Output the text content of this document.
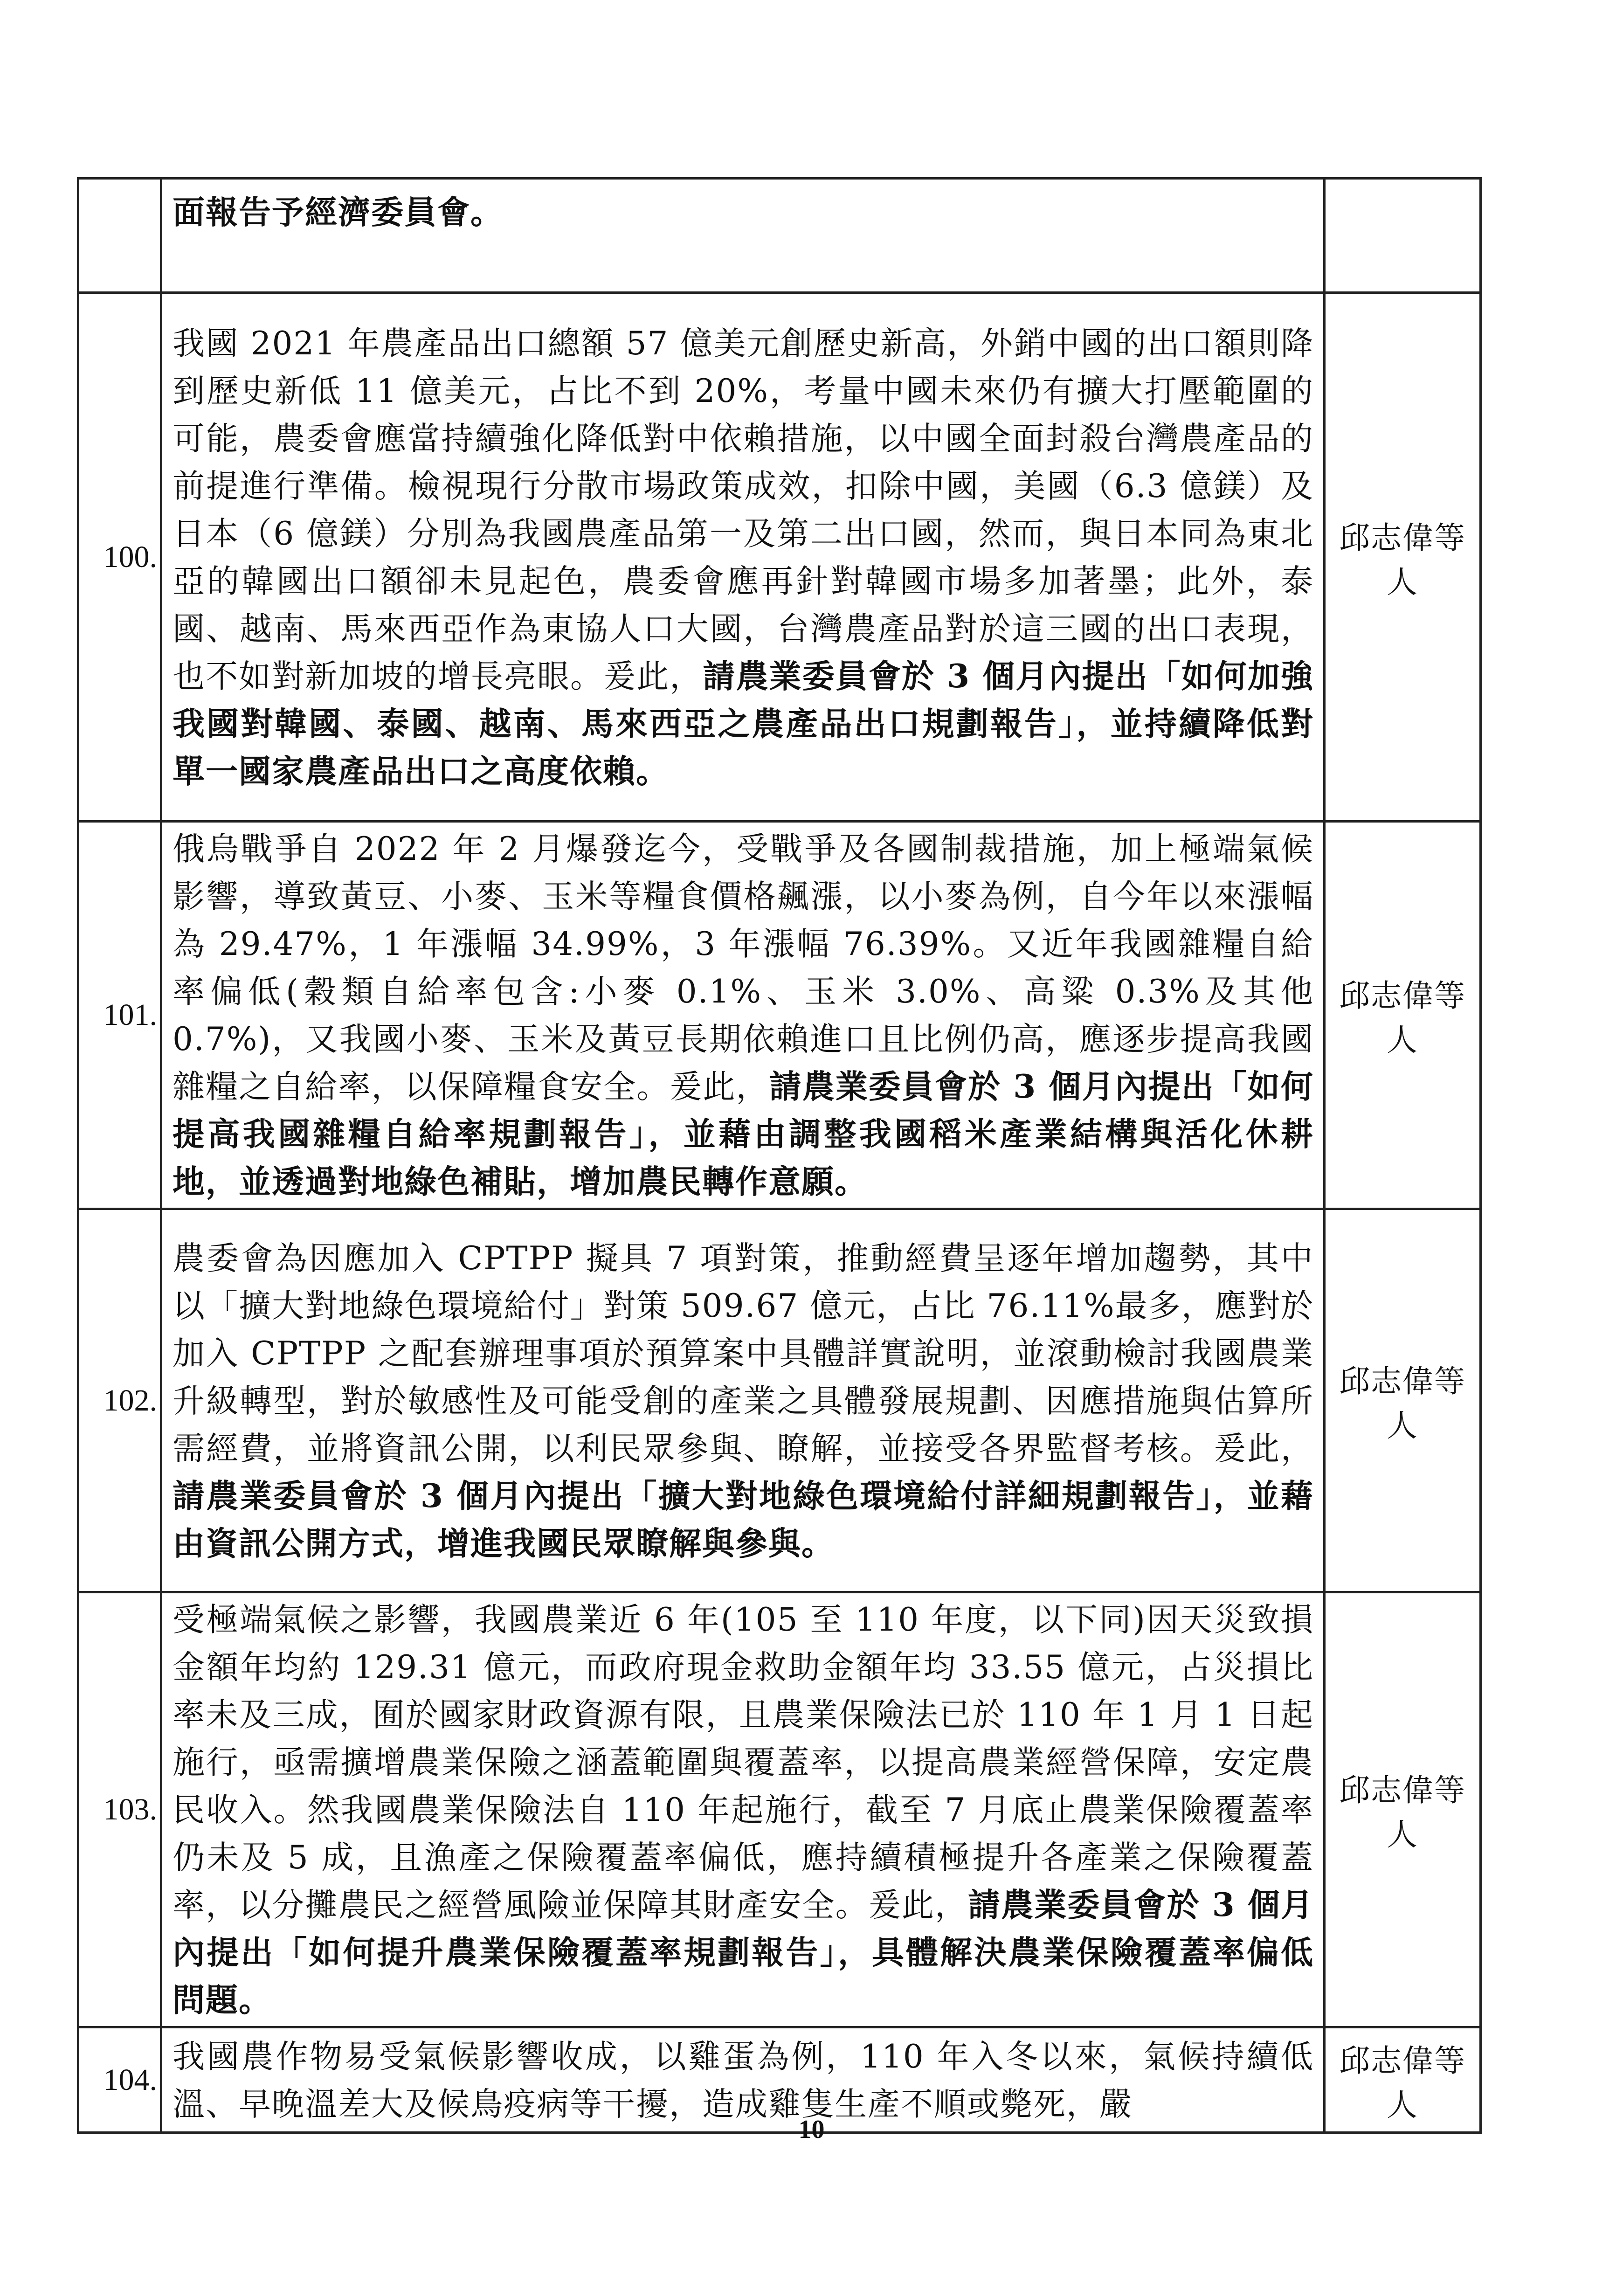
	面報告予經濟委員會。	
100.	我國 2021 年農產品出口總額 57 億美元創歷史新高，外銷中國的出口額則降到歷史新低 11 億美元，占比不到 20%，考量中國未來仍有擴大打壓範圍的可能，農委會應當持續強化降低對中依賴措施，以中國全面封殺台灣農產品的前提進行準備。檢視現行分散市場政策成效，扣除中國，美國（6.3 億鎂）及日本（6 億鎂）分別為我國農產品第一及第二出口國，然而，與日本同為東北亞的韓國出口額卻未見起色，農委會應再針對韓國市場多加著墨；此外，泰國、越南、馬來西亞作為東協人口大國，台灣農產品對於這三國的出口表現，也不如對新加坡的增長亮眼。爰此，請農業委員會於 3 個月內提出「如何加強我國對韓國、泰國、越南、馬來西亞之農產品出口規劃報告」，並持續降低對單一國家農產品出口之高度依賴。	邱志偉等人
101.	俄烏戰爭自 2022 年 2 月爆發迄今，受戰爭及各國制裁措施，加上極端氣候影響，導致黃豆、小麥、玉米等糧食價格飆漲，以小麥為例，自今年以來漲幅為 29.47%，1 年漲幅 34.99%，3 年漲幅 76.39%。又近年我國雜糧自給率偏低(穀類自給率包含:小麥 0.1%、玉米 3.0%、高粱 0.3%及其他 0.7%)，又我國小麥、玉米及黃豆長期依賴進口且比例仍高，應逐步提高我國雜糧之自給率，以保障糧食安全。爰此，請農業委員會於 3 個月內提出「如何提高我國雜糧自給率規劃報告」，並藉由調整我國稻米產業結構與活化休耕地，並透過對地綠色補貼，增加農民轉作意願。	邱志偉等人
102.	農委會為因應加入 CPTPP 擬具 7 項對策，推動經費呈逐年增加趨勢，其中以「擴大對地綠色環境給付」對策 509.67 億元，占比 76.11%最多，應對於加入 CPTPP 之配套辦理事項於預算案中具體詳實說明，並滾動檢討我國農業升級轉型，對於敏感性及可能受創的產業之具體發展規劃、因應措施與估算所需經費，並將資訊公開，以利民眾參與、瞭解，並接受各界監督考核。爰此，請農業委員會於 3 個月內提出「擴大對地綠色環境給付詳細規劃報告」，並藉由資訊公開方式，增進我國民眾瞭解與參與。	邱志偉等人
103.	受極端氣候之影響，我國農業近 6 年(105 至 110 年度，以下同)因天災致損金額年均約 129.31 億元，而政府現金救助金額年均 33.55 億元，占災損比率未及三成，囿於國家財政資源有限，且農業保險法已於 110 年 1 月 1 日起施行，亟需擴增農業保險之涵蓋範圍與覆蓋率，以提高農業經營保障，安定農民收入。然我國農業保險法自 110 年起施行，截至 7 月底止農業保險覆蓋率仍未及 5 成，且漁產之保險覆蓋率偏低，應持續積極提升各產業之保險覆蓋率，以分攤農民之經營風險並保障其財產安全。爰此，請農業委員會於 3 個月內提出「如何提升農業保險覆蓋率規劃報告」，具體解決農業保險覆蓋率偏低問題。	邱志偉等人
104.	我國農作物易受氣候影響收成，以雞蛋為例，110 年入冬以來，氣候持續低溫、早晚溫差大及候鳥疫病等干擾，造成雞隻生產不順或斃死，嚴	邱志偉等人
10
